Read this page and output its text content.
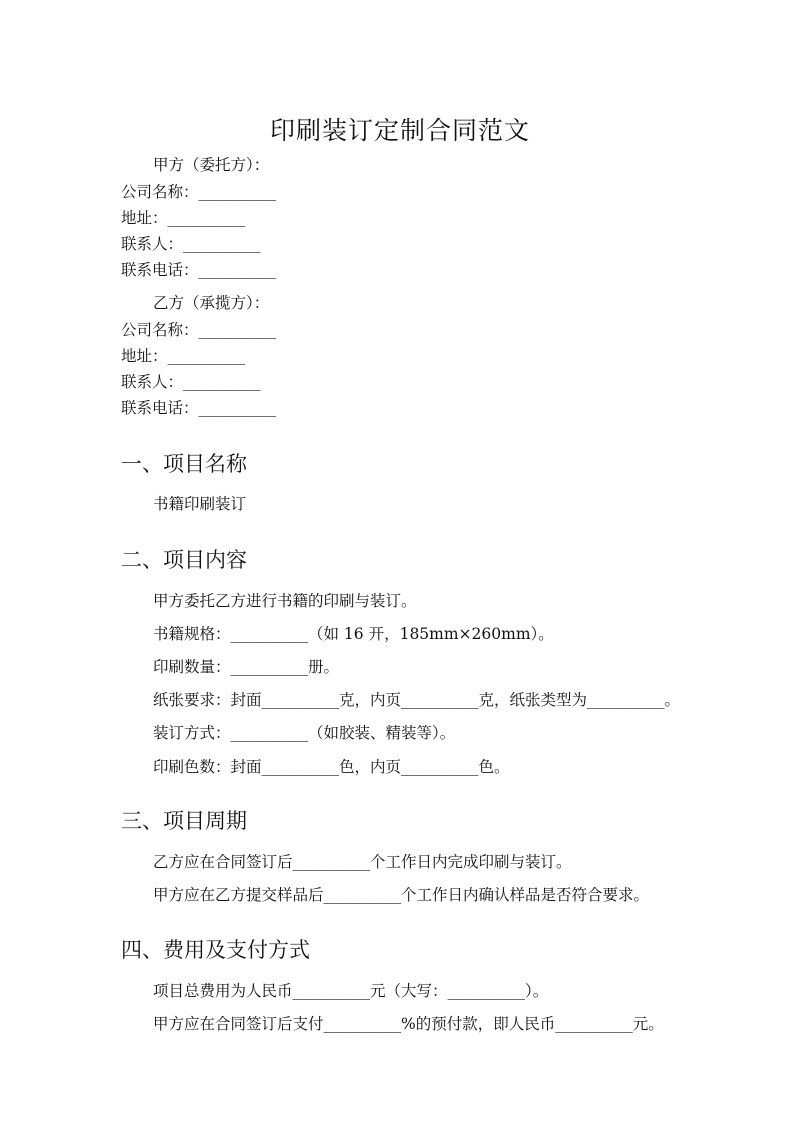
印刷装订定制合同范文
甲方（委托方）：
公司名称：__________
地址：__________
联系人：__________
联系电话：__________
乙方（承揽方）：
公司名称：__________
地址：__________
联系人：__________
联系电话：__________
一、项目名称
书籍印刷装订
二、项目内容
甲方委托乙方进行书籍的印刷与装订。
书籍规格：__________（如 16 开，185mm×260mm）。
印刷数量：__________册。
纸张要求：封面__________克，内页__________克，纸张类型为__________。
装订方式：__________（如胶装、精装等）。
印刷色数：封面__________色，内页__________色。
三、项目周期
乙方应在合同签订后__________个工作日内完成印刷与装订。
甲方应在乙方提交样品后__________个工作日内确认样品是否符合要求。
四、费用及支付方式
项目总费用为人民币__________元（大写：__________）。
甲方应在合同签订后支付__________%的预付款，即人民币__________元。
